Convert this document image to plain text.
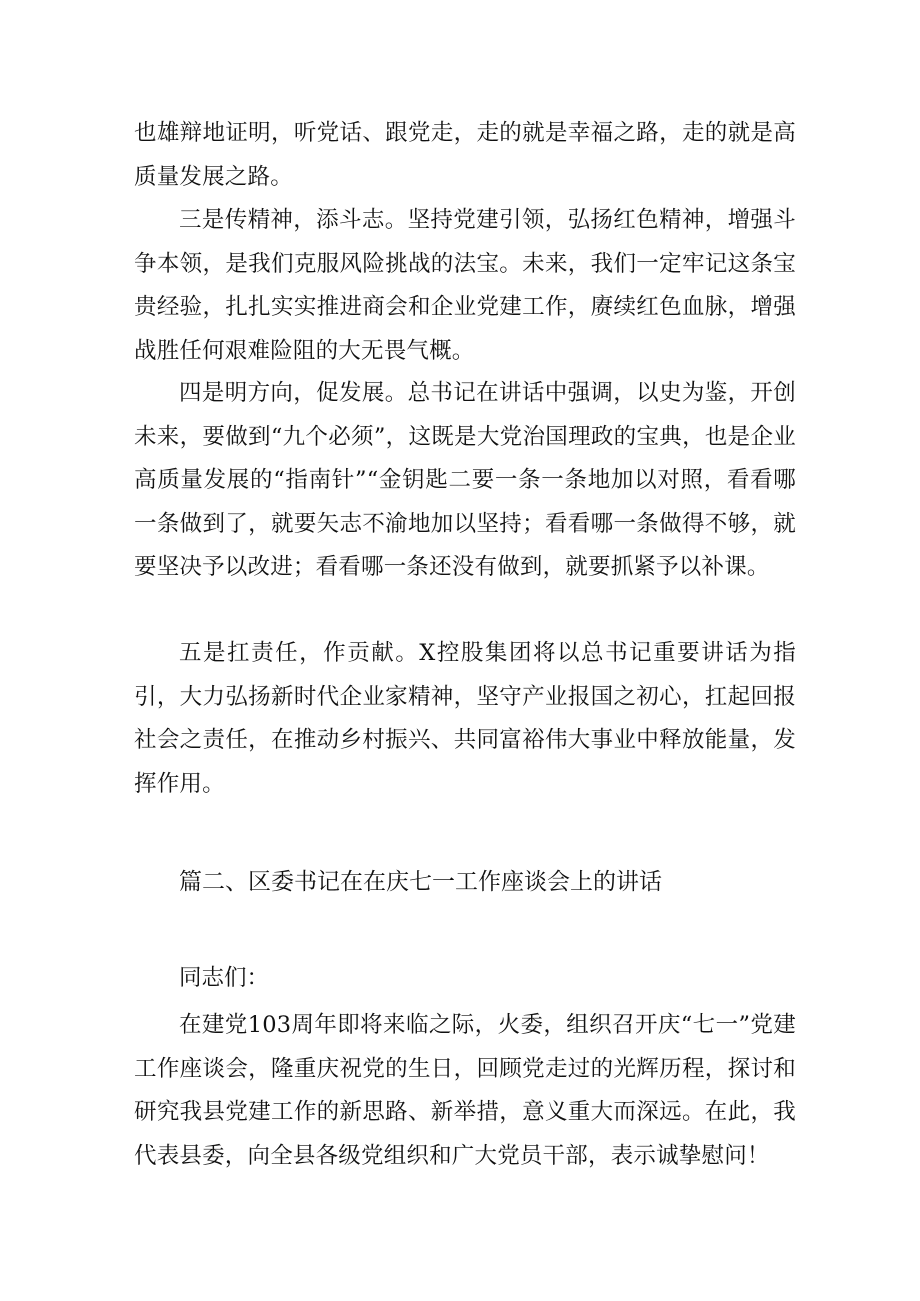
也雄辩地证明，听党话、跟党走，走的就是幸福之路，走的就是高质量发展之路。

三是传精神，添斗志。坚持党建引领，弘扬红色精神，增强斗争本领，是我们克服风险挑战的法宝。未来，我们一定牢记这条宝贵经验，扎扎实实推进商会和企业党建工作，赓续红色血脉，增强战胜任何艰难险阻的大无畏气概。

四是明方向，促发展。总书记在讲话中强调，以史为鉴，开创未来，要做到“九个必须”，这既是大党治国理政的宝典，也是企业高质量发展的“指南针”“金钥匙二要一条一条地加以对照，看看哪一条做到了，就要矢志不渝地加以坚持；看看哪一条做得不够，就要坚决予以改进；看看哪一条还没有做到，就要抓紧予以补课。

五是扛责任，作贡献。X控股集团将以总书记重要讲话为指引，大力弘扬新时代企业家精神，坚守产业报国之初心，扛起回报社会之责任，在推动乡村振兴、共同富裕伟大事业中释放能量，发挥作用。

篇二、区委书记在在庆七一工作座谈会上的讲话

同志们：

在建党103周年即将来临之际，火委，组织召开庆“七一”党建工作座谈会，隆重庆祝党的生日，回顾党走过的光辉历程，探讨和研究我县党建工作的新思路、新举措，意义重大而深远。在此，我代表县委，向全县各级党组织和广大党员干部，表示诚挚慰问！
